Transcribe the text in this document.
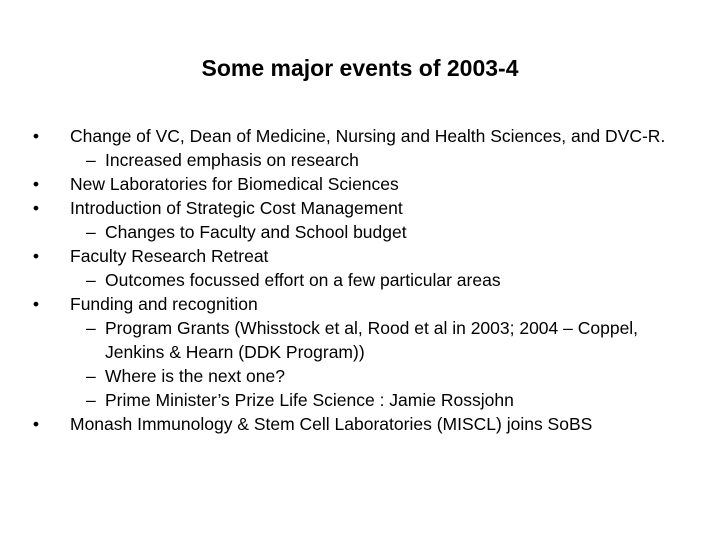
Some major events of 2003-4
• Change of VC, Dean of Medicine, Nursing and Health Sciences, and DVC-R.
– Increased emphasis on research
• New Laboratories for Biomedical Sciences
• Introduction of Strategic Cost Management
– Changes to Faculty and School budget
• Faculty Research Retreat
– Outcomes focussed effort on a few particular areas
• Funding and recognition
– Program Grants (Whisstock et al, Rood et al in 2003; 2004 – Coppel, Jenkins & Hearn (DDK Program))
– Where is the next one?
– Prime Minister’s Prize Life Science : Jamie Rossjohn
• Monash Immunology & Stem Cell Laboratories (MISCL) joins SoBS
